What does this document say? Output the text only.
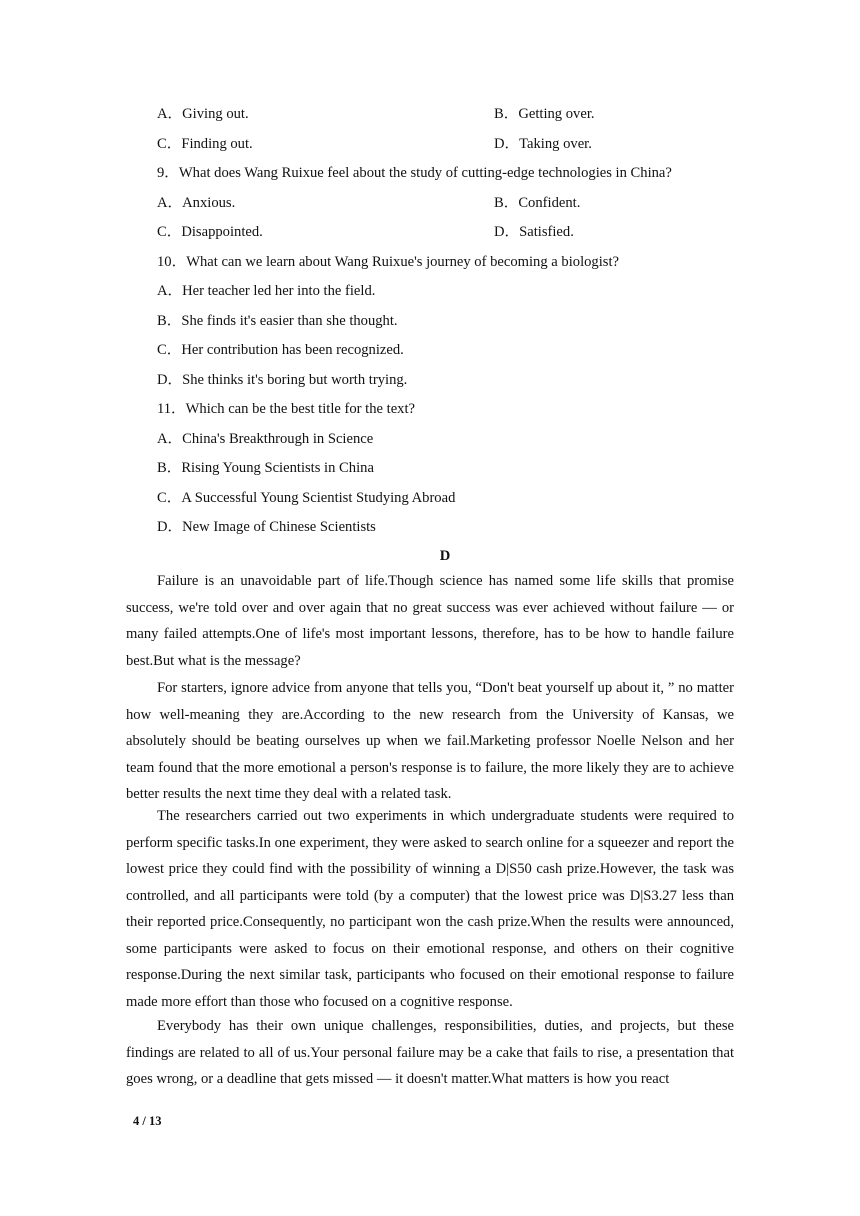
A．Giving out.	B．Getting over.
C．Finding out.	D．Taking over.
9．What does Wang Ruixue feel about the study of cutting-edge technologies in China?
A．Anxious.	B．Confident.
C．Disappointed.	D．Satisfied.
10．What can we learn about Wang Ruixue's journey of becoming a biologist?
A．Her teacher led her into the field.
B．She finds it's easier than she thought.
C．Her contribution has been recognized.
D．She thinks it's boring but worth trying.
11．Which can be the best title for the text?
A．China's Breakthrough in Science
B．Rising Young Scientists in China
C．A Successful Young Scientist Studying Abroad
D．New Image of Chinese Scientists
D

Failure is an unavoidable part of life.Though science has named some life skills that promise success, we're told over and over again that no great success was ever achieved without failure — or many failed attempts.One of life's most important lessons, therefore, has to be how to handle failure best.But what is the message?

For starters, ignore advice from anyone that tells you, “Don't beat yourself up about it, ” no matter how well-meaning they are.According to the new research from the University of Kansas, we absolutely should be beating ourselves up when we fail.Marketing professor Noelle Nelson and her team found that the more emotional a person's response is to failure, the more likely they are to achieve better results the next time they deal with a related task.

The researchers carried out two experiments in which undergraduate students were required to perform specific tasks.In one experiment, they were asked to search online for a squeezer and report the lowest price they could find with the possibility of winning a D|S50 cash prize.However, the task was controlled, and all participants were told (by a computer) that the lowest price was D|S3.27 less than their reported price.Consequently, no participant won the cash prize.When the results were announced, some participants were asked to focus on their emotional response, and others on their cognitive response.During the next similar task, participants who focused on their emotional response to failure made more effort than those who focused on a cognitive response.

Everybody has their own unique challenges, responsibilities, duties, and projects, but these findings are related to all of us.Your personal failure may be a cake that fails to rise, a presentation that goes wrong, or a deadline that gets missed — it doesn't matter.What matters is how you react

4 / 13
